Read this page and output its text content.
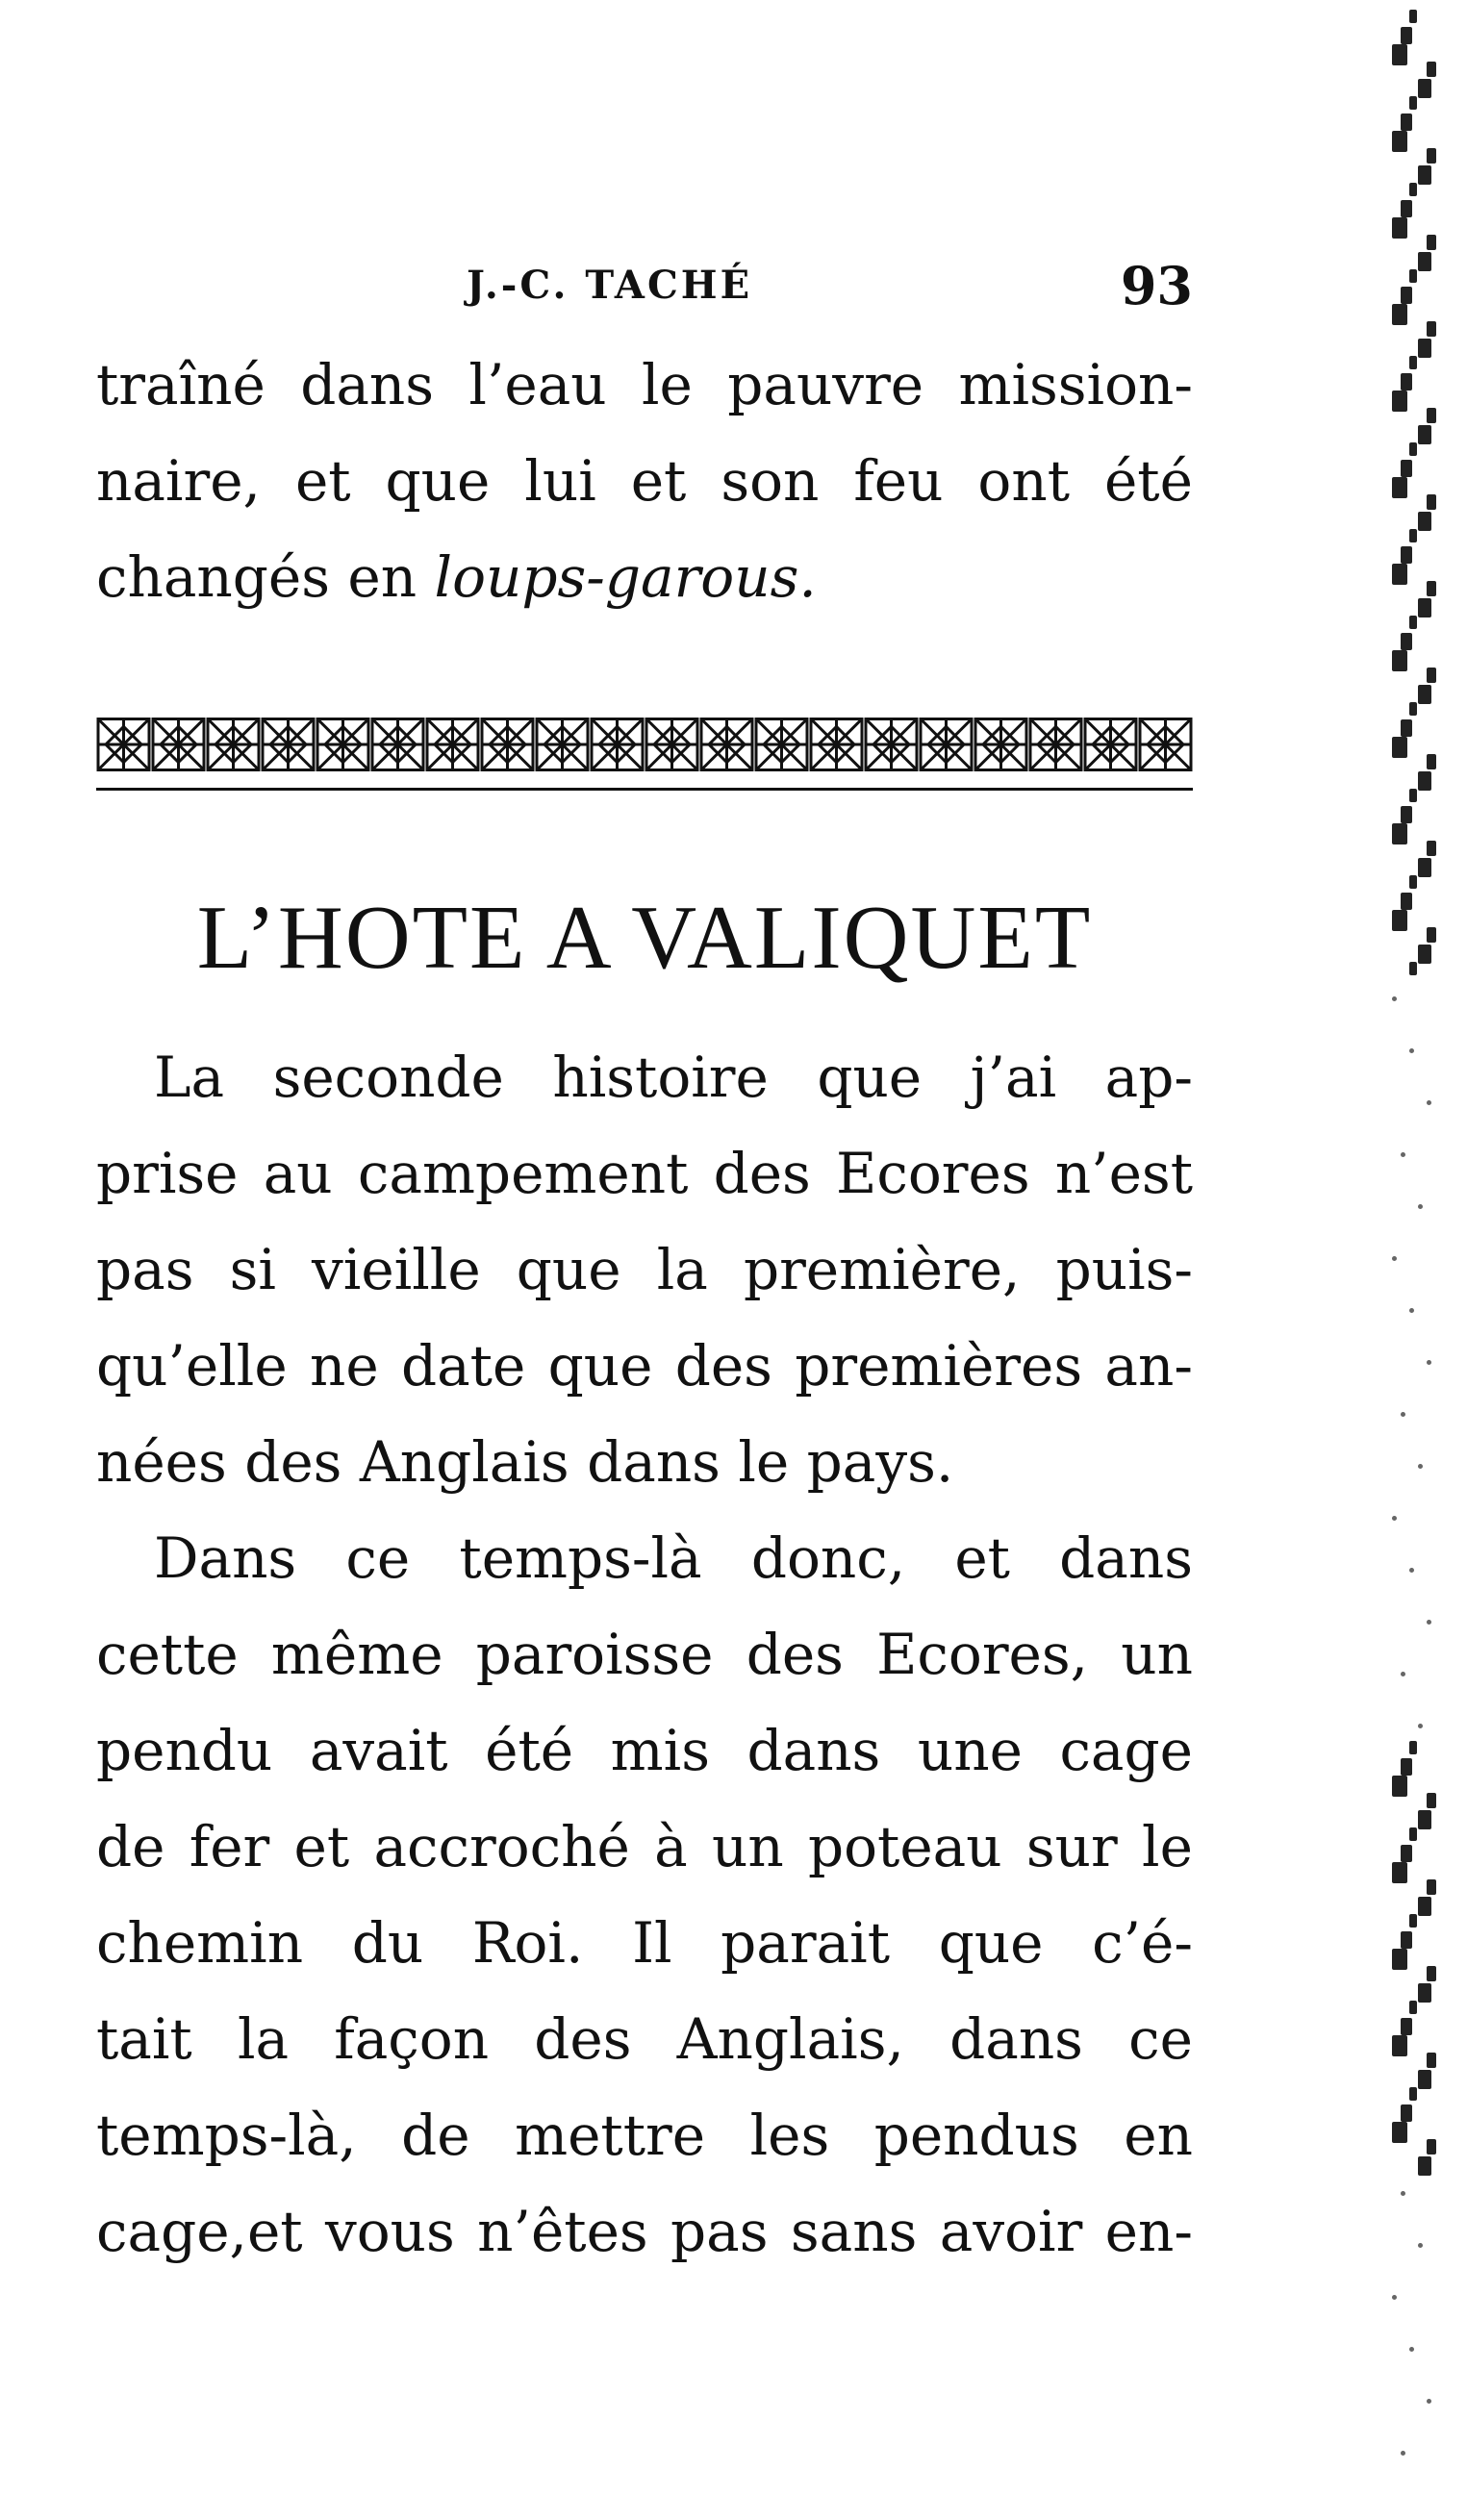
J.-C. TACHÉ	93
traîné dans l’eau le pauvre mission-
naire, et que lui et son feu ont été
changés en loups-garous.
L’HOTE A VALIQUET
La seconde histoire que j’ai ap-
prise au campement des Ecores n’est
pas si vieille que la première, puis-
qu’elle ne date que des premières an-
nées des Anglais dans le pays.
Dans ce temps-là donc, et dans
cette même paroisse des Ecores, un
pendu avait été mis dans une cage
de fer et accroché à un poteau sur le
chemin du Roi. Il parait que c’é-
tait la façon des Anglais, dans ce
temps-là, de mettre les pendus en
cage,et vous n’êtes pas sans avoir en-
